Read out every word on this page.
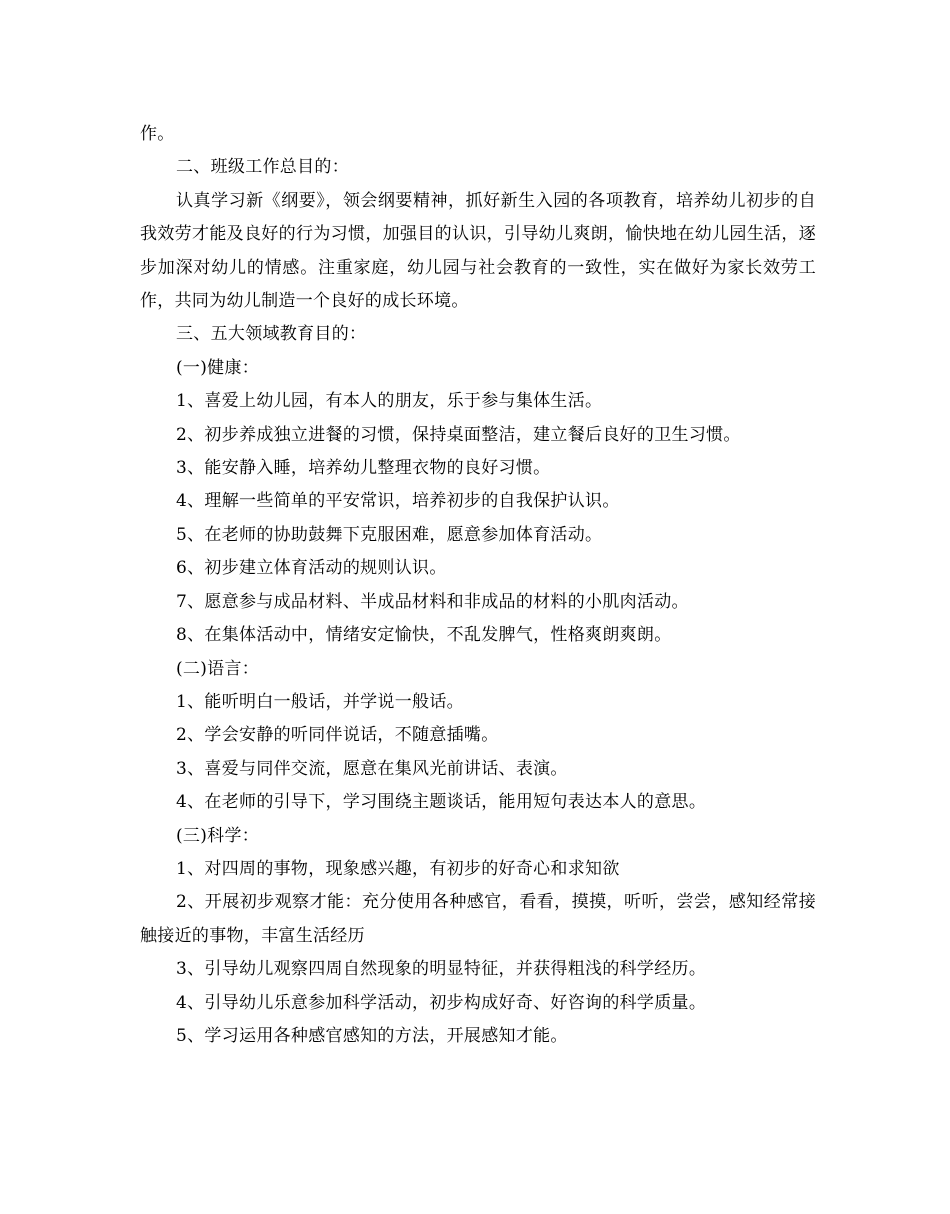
作。

二、班级工作总目的：

认真学习新《纲要》，领会纲要精神，抓好新生入园的各项教育，培养幼儿初步的自我效劳才能及良好的行为习惯，加强目的认识，引导幼儿爽朗，愉快地在幼儿园生活，逐步加深对幼儿的情感。注重家庭，幼儿园与社会教育的一致性，实在做好为家长效劳工作，共同为幼儿制造一个良好的成长环境。

三、五大领域教育目的：

(一)健康：

1、喜爱上幼儿园，有本人的朋友，乐于参与集体生活。

2、初步养成独立进餐的习惯，保持桌面整洁，建立餐后良好的卫生习惯。

3、能安静入睡，培养幼儿整理衣物的良好习惯。

4、理解一些简单的平安常识，培养初步的自我保护认识。

5、在老师的协助鼓舞下克服困难，愿意参加体育活动。

6、初步建立体育活动的规则认识。

7、愿意参与成品材料、半成品材料和非成品的材料的小肌肉活动。

8、在集体活动中，情绪安定愉快，不乱发脾气，性格爽朗爽朗。

(二)语言：

1、能听明白一般话，并学说一般话。

2、学会安静的听同伴说话，不随意插嘴。

3、喜爱与同伴交流，愿意在集风光前讲话、表演。

4、在老师的引导下，学习围绕主题谈话，能用短句表达本人的意思。

(三)科学：

1、对四周的事物，现象感兴趣，有初步的好奇心和求知欲

2、开展初步观察才能：充分使用各种感官，看看，摸摸，听听，尝尝，感知经常接触接近的事物，丰富生活经历

3、引导幼儿观察四周自然现象的明显特征，并获得粗浅的科学经历。

4、引导幼儿乐意参加科学活动，初步构成好奇、好咨询的科学质量。

5、学习运用各种感官感知的方法，开展感知才能。
